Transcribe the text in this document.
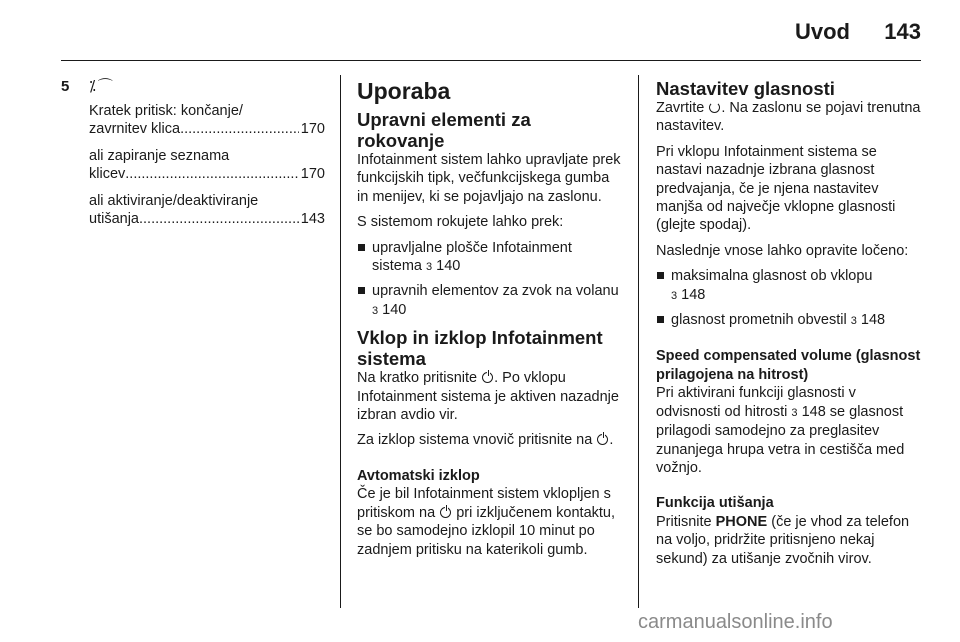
Uvod 143
5 ⁒⌒
Kratek pritisk: končanje/
zavrnitev klica .....	170
ali zapiranje seznama
klicev .....	170
ali aktiviranje/deaktiviranje
utišanja .....	143
Uporaba
Upravni elementi za rokovanje

Infotainment sistem lahko upravljate prek funkcijskih tipk, večfunkcijskega gumba in menijev, ki se pojavljajo na zaslonu.

S sistemom rokujete lahko prek:

upravljalne plošče Infotainment sistema 3 140
upravnih elementov za zvok na volanu 3 140
Vklop in izklop Infotainment sistema

Na kratko pritisnite . Po vklopu Infotainment sistema je aktiven nazadnje izbran avdio vir.

Za izklop sistema vnovič pritisnite na .

Avtomatski izklop

Če je bil Infotainment sistem vklopljen s pritiskom na pri izključenem kontaktu, se bo samodejno izklopil 10 minut po zadnjem pritisku na katerikoli gumb.

Nastavitev glasnosti

Zavrtite . Na zaslonu se pojavi trenutna nastavitev.

Pri vklopu Infotainment sistema se nastavi nazadnje izbrana glasnost predvajanja, če je njena nastavitev manjša od največje vklopne glasnosti (glejte spodaj).

Naslednje vnose lahko opravite ločeno:

maksimalna glasnost ob vklopu
3 148
glasnost prometnih obvestil 3 148
Speed compensated volume (glasnost prilagojena na hitrost)

Pri aktivirani funkciji glasnosti v odvisnosti od hitrosti 3 148 se glasnost prilagodi samodejno za preglasitev zunanjega hrupa vetra in cestišča med vožnjo.

Funkcija utišanja

Pritisnite PHONE (če je vhod za telefon na voljo, pridržite pritisnjeno nekaj sekund) za utišanje zvočnih virov.

carmanualsonline.info
